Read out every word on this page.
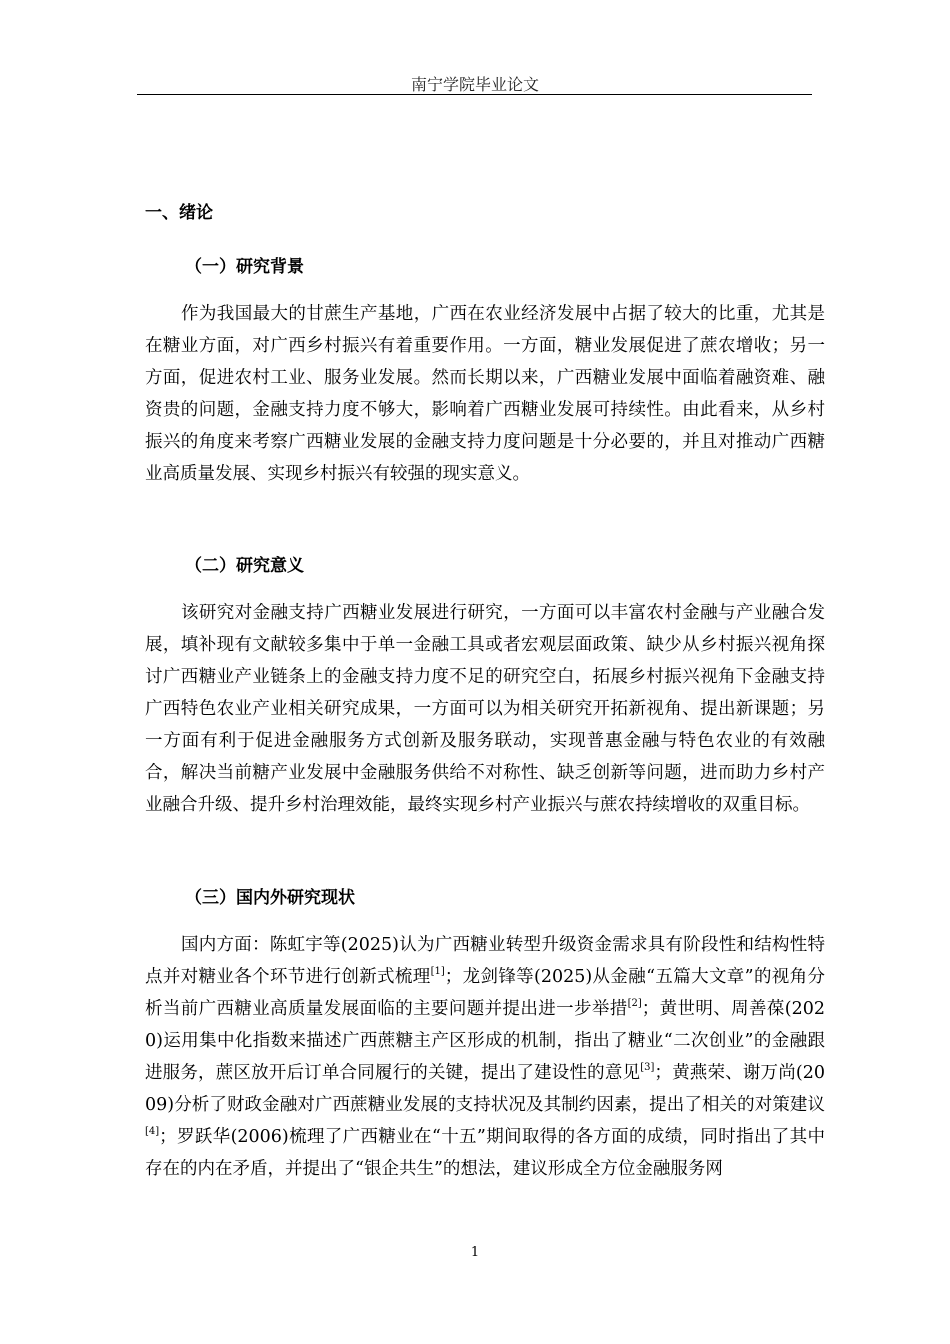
南宁学院毕业论文
一、绪论
（一）研究背景

作为我国最大的甘蔗生产基地，广西在农业经济发展中占据了较大的比重，尤其是在糖业方面，对广西乡村振兴有着重要作用。一方面，糖业发展促进了蔗农增收；另一方面，促进农村工业、服务业发展。然而长期以来，广西糖业发展中面临着融资难、融资贵的问题，金融支持力度不够大，影响着广西糖业发展可持续性。由此看来，从乡村振兴的角度来考察广西糖业发展的金融支持力度问题是十分必要的，并且对推动广西糖业高质量发展、实现乡村振兴有较强的现实意义。

（二）研究意义

该研究对金融支持广西糖业发展进行研究，一方面可以丰富农村金融与产业融合发展，填补现有文献较多集中于单一金融工具或者宏观层面政策、缺少从乡村振兴视角探讨广西糖业产业链条上的金融支持力度不足的研究空白，拓展乡村振兴视角下金融支持广西特色农业产业相关研究成果，一方面可以为相关研究开拓新视角、提出新课题；另一方面有利于促进金融服务方式创新及服务联动，实现普惠金融与特色农业的有效融合，解决当前糖产业发展中金融服务供给不对称性、缺乏创新等问题，进而助力乡村产业融合升级、提升乡村治理效能，最终实现乡村产业振兴与蔗农持续增收的双重目标。

（三）国内外研究现状

国内方面：陈虹宇等(2025)认为广西糖业转型升级资金需求具有阶段性和结构性特点并对糖业各个环节进行创新式梳理[1]；龙剑锋等(2025)从金融“五篇大文章”的视角分析当前广西糖业高质量发展面临的主要问题并提出进一步举措[2]；黄世明、周善葆(2020)运用集中化指数来描述广西蔗糖主产区形成的机制，指出了糖业“二次创业”的金融跟进服务，蔗区放开后订单合同履行的关键，提出了建设性的意见[3]；黄燕荣、谢万尚(2009)分析了财政金融对广西蔗糖业发展的支持状况及其制约因素，提出了相关的对策建议[4]；罗跃华(2006)梳理了广西糖业在“十五”期间取得的各方面的成绩，同时指出了其中存在的内在矛盾，并提出了“银企共生”的想法，建议形成全方位金融服务网

1
